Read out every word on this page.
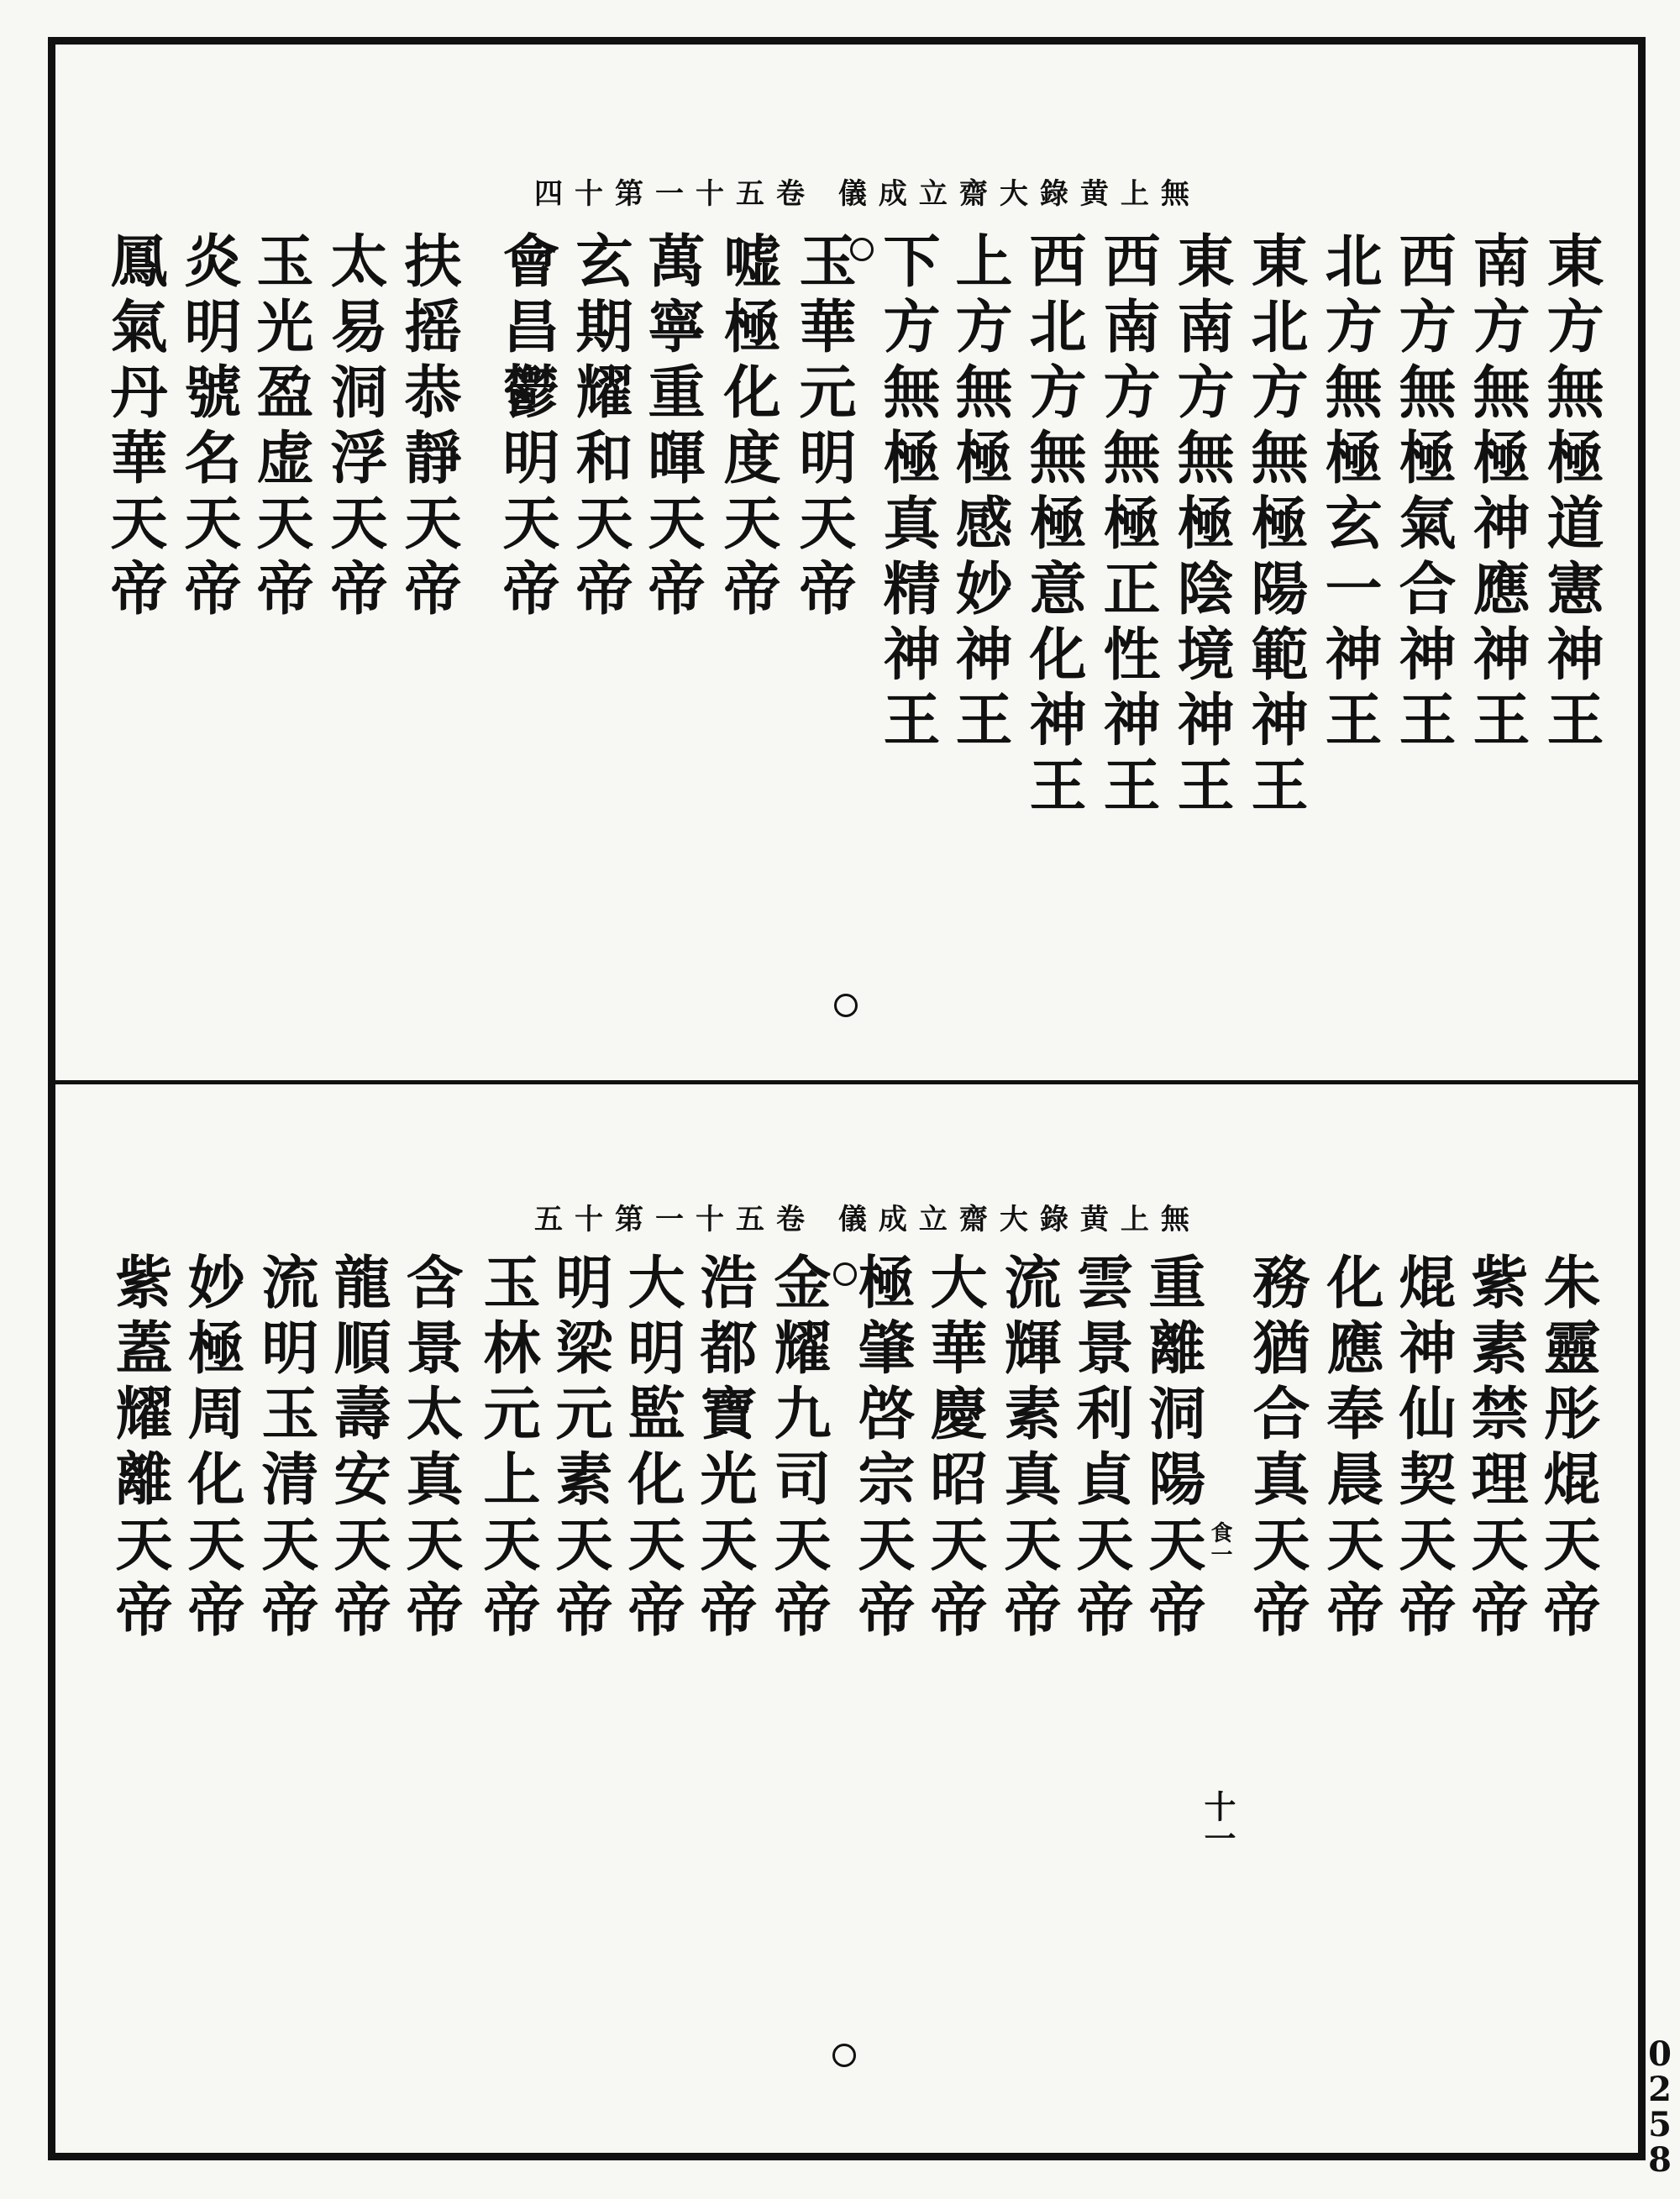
四十第一十五卷 儀成立齋大錄黄上無
東方無極道憲神王
南方無極神應神王
西方無極氣合神王
北方無極玄一神王
東北方無極陽範神王
東南方無極陰境神王
西南方無極正性神王
西北方無極意化神王
上方無極感妙神王
下方無極真精神王
玉華元明天帝
嘘極化度天帝
萬寧重暉天帝
玄期耀和天帝
會昌鬱明天帝
扶摇恭靜天帝
太易洞浮天帝
玉光盈虚天帝
炎明號名天帝
鳳氣丹華天帝
五十第一十五卷 儀成立齋大錄黄上無
朱靈彤焜天帝
紫素禁理天帝
焜神仙契天帝
化應奉晨天帝
務猶合真天帝
食一
重離洞陽天帝
雲景利貞天帝
流輝素真天帝
大華慶昭天帝
極肇啓宗天帝
金耀九司天帝
浩都寶光天帝
大明監化天帝
明梁元素天帝
玉林元上天帝
含景太真天帝
龍順壽安天帝
流明玉清天帝
妙極周化天帝
紫蓋耀離天帝
十一
0258
